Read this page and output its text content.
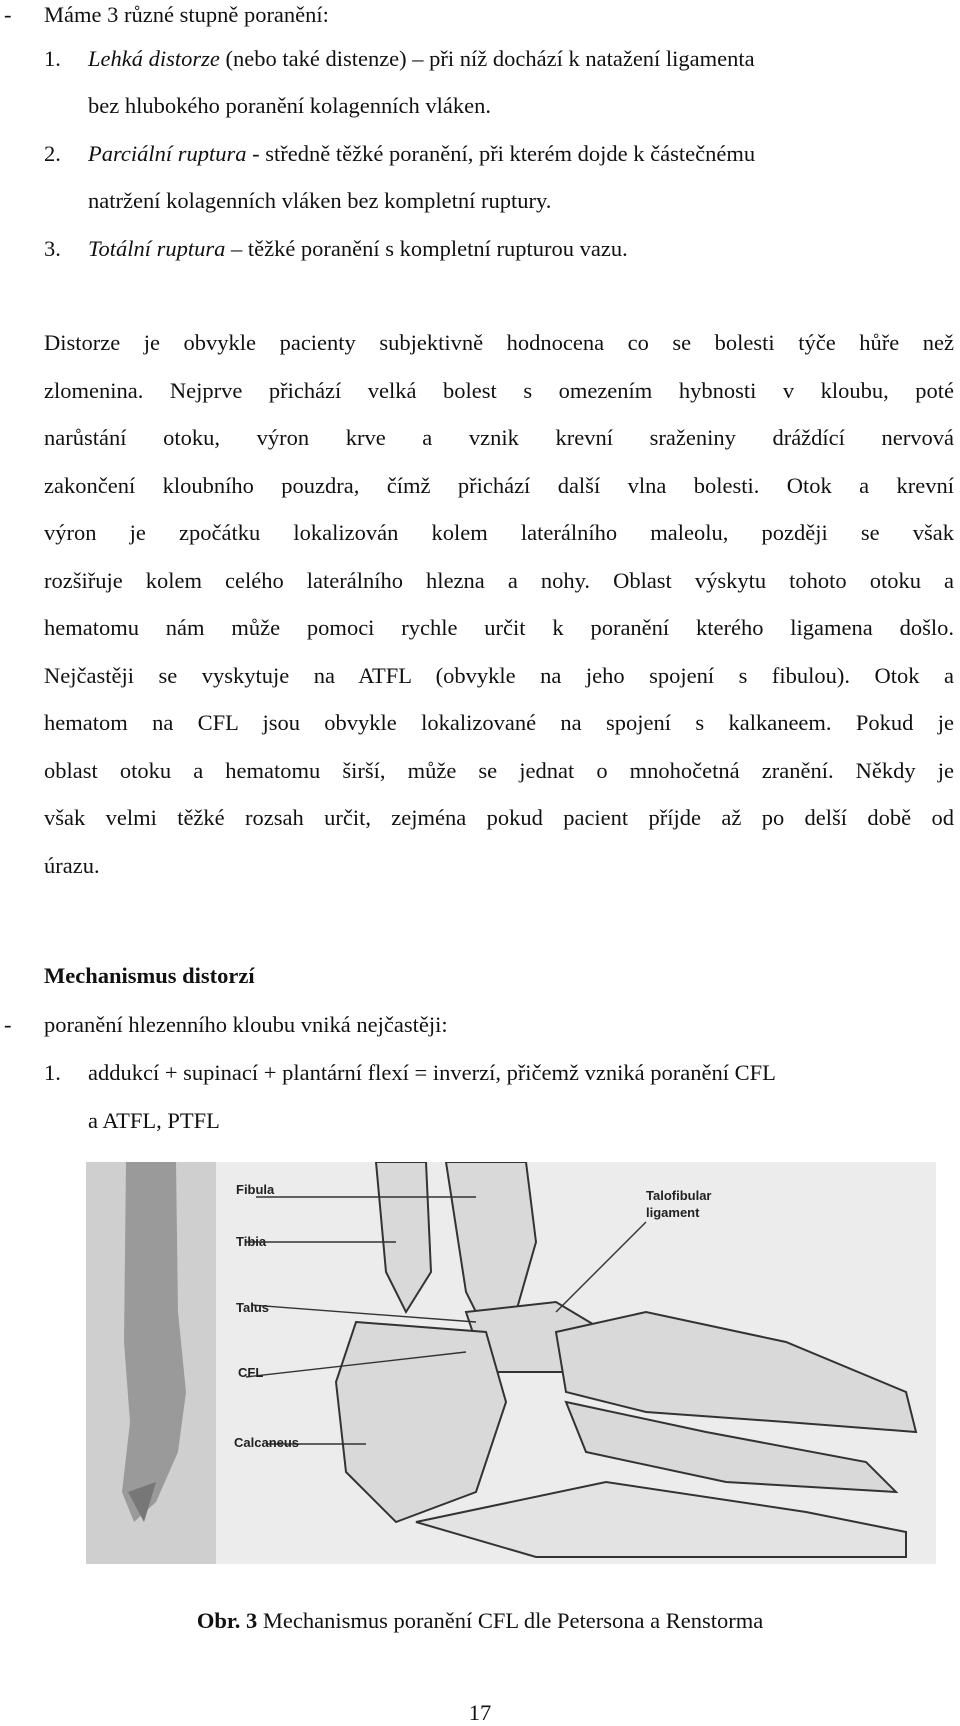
- Máme 3 různé stupně poranění:
1. Lehká distorze (nebo také distenze) – při níž dochází k natažení ligamenta
bez hlubokého poranění kolagenních vláken.
2. Parciální ruptura - středně těžké poranění, při kterém dojde k částečnému
natržení kolagenních vláken bez kompletní ruptury.
3. Totální ruptura – těžké poranění s kompletní rupturou vazu.
Distorze je obvykle pacienty subjektivně hodnocena co se bolesti týče hůře než
zlomenina. Nejprve přichází velká bolest s omezením hybnosti v kloubu, poté
narůstání otoku, výron krve a vznik krevní sraženiny dráždící nervová
zakončení kloubního pouzdra, čímž přichází další vlna bolesti. Otok a krevní
výron je zpočátku lokalizován kolem laterálního maleolu, později se však
rozšiřuje kolem celého laterálního hlezna a nohy. Oblast výskytu tohoto otoku a
hematomu nám může pomoci rychle určit k poranění kterého ligamena došlo.
Nejčastěji se vyskytuje na ATFL (obvykle na jeho spojení s fibulou). Otok a
hematom na CFL jsou obvykle lokalizované na spojení s kalkaneem. Pokud je
oblast otoku a hematomu širší, může se jednat o mnohočetná zranění. Někdy je
však velmi těžké rozsah určit, zejména pokud pacient příjde až po delší době od
úrazu.
Mechanismus distorzí
- poranění hlezenního kloubu vniká nejčastěji:
1. addukcí + supinací + plantární flexí = inverzí, přičemž vzniká poranění CFL
a ATFL, PTFL
Fibula
Tibia
Talus
CFL
Calcaneus
Talofibular
ligament
Obr. 3 Mechanismus poranění CFL dle Petersona a Renstorma
17
